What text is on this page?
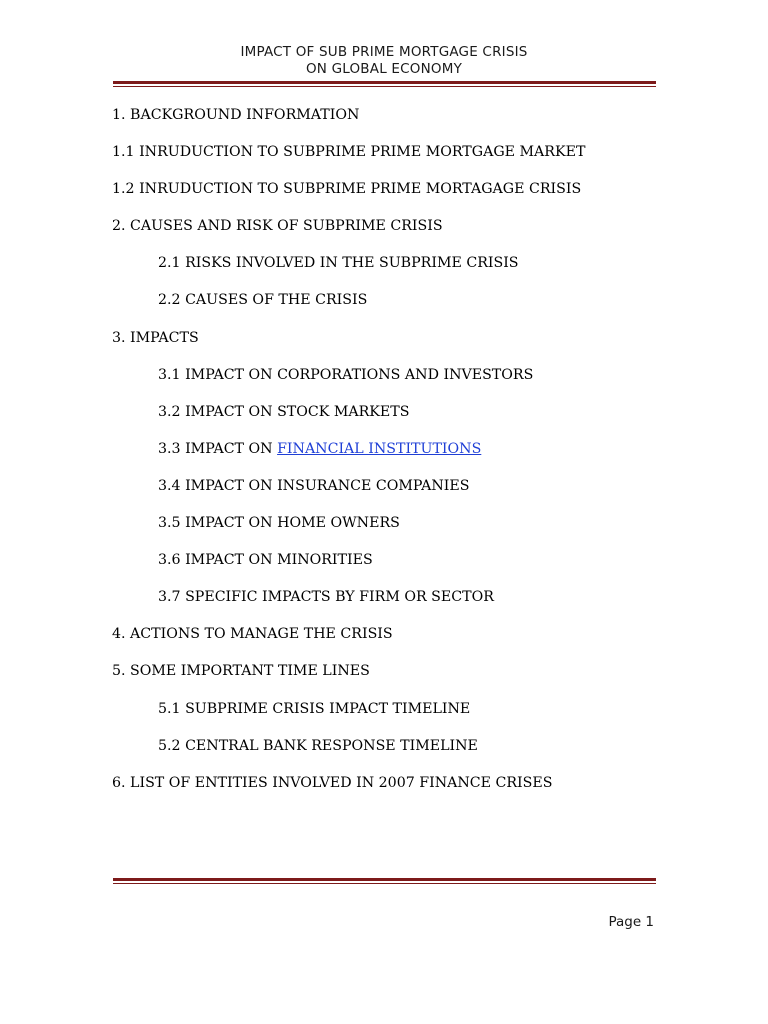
IMPACT OF SUB PRIME MORTGAGE CRISIS
ON GLOBAL ECONOMY
1. BACKGROUND INFORMATION
1.1 INRUDUCTION TO SUBPRIME PRIME MORTGAGE MARKET
1.2 INRUDUCTION TO SUBPRIME PRIME MORTAGAGE CRISIS
2. CAUSES AND RISK OF SUBPRIME CRISIS
2.1 RISKS INVOLVED IN THE SUBPRIME CRISIS
2.2 CAUSES OF THE CRISIS
3. IMPACTS
3.1 IMPACT ON CORPORATIONS AND INVESTORS
3.2 IMPACT ON STOCK MARKETS
3.3 IMPACT ON FINANCIAL INSTITUTIONS
3.4 IMPACT ON INSURANCE COMPANIES
3.5 IMPACT ON HOME OWNERS
3.6 IMPACT ON MINORITIES
3.7 SPECIFIC IMPACTS BY FIRM OR SECTOR
4. ACTIONS TO MANAGE THE CRISIS
5. SOME IMPORTANT TIME LINES
5.1 SUBPRIME CRISIS IMPACT TIMELINE
5.2 CENTRAL BANK RESPONSE TIMELINE
6. LIST OF ENTITIES INVOLVED IN 2007 FINANCE CRISES
Page 1
